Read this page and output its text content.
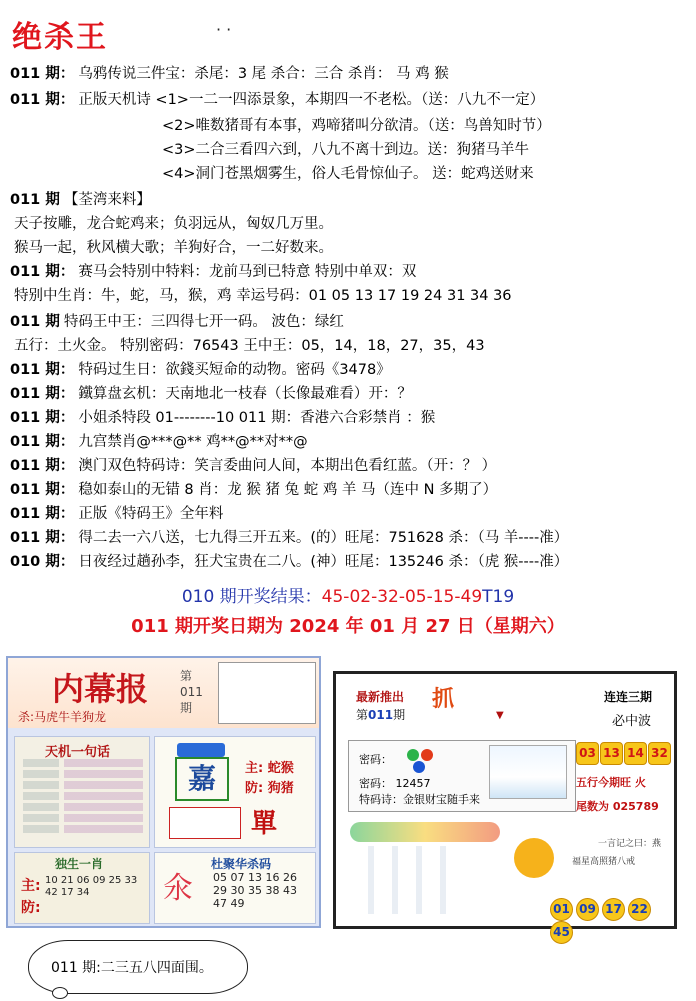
绝杀王	· ·
011 期： 乌鸦传说三件宝：杀尾：3 尾 杀合：三合 杀肖： 马 鸡 猴
011 期： 正版天机诗 <1>一二一四添景象，本期四一不老松。（送：八九不一定）
<2>唯数猪哥有本事，鸡啼猪叫分欲清。（送：鸟兽知时节）
<3>二合三看四六到，八九不离十到边。送：狗猪马羊牛
<4>洞门苍黑烟雾生，俗人毛骨惊仙子。 送：蛇鸡送财来
011 期 【荃湾来料】
天子按雕，龙合蛇鸡来；负羽远从，匈奴几万里。
猴马一起，秋风横大歌；羊狗好合，一二好数来。
011 期： 赛马会特别中特料：龙前马到已特意 特别中单双：双
特别中生肖：牛，蛇，马，猴，鸡 幸运号码：01 05 13 17 19 24 31 34 36
011 期 特码王中王：三四得七开一码。 波色：绿红
五行：土火金。 特别密码：76543 王中王：05，14，18，27，35，43
011 期： 特码过生日：欲錢买短命的动物。密码《3478》
011 期： 鐵算盘玄机：天南地北一枝春（长像最难看）开：？
011 期： 小姐杀特段 01--------10 011 期：香港六合彩禁肖 ：猴
011 期： 九宫禁肖@***@** 鸡**@**对**@
011 期： 澳门双色特码诗：笑言委曲问人间，本期出色看红蓝。（开：？ ）
011 期： 稳如泰山的无错 8 肖：龙 猴 猪 兔 蛇 鸡 羊 马（连中 N 多期了）
011 期： 正版《特码王》全年料
011 期： 得二去一六八送，七九得三开五来。(的）旺尾：751628 杀：（马 羊----准）
010 期： 日夜经过趟孙李，狂犬宝贵在二八。(神）旺尾：135246 杀：（虎 猴----准）
010 期开奖结果：45-02-32-05-15-49T19
011 期开奖日期为 2024 年 01 月 27 日（星期六）
内幕报	第
011
期
杀:马虎牛羊狗龙
天机一句话
嘉	主: 蛇猴
防: 狗猪
單
独生一肖
主:
防:
10 21 06 09 25 33 42 17 34	氽
杜聚华杀码
05 07 13 16 26 29 30 35 38 43 47 49
最新推出
第011期
抓
▼
连连三期
必中波
密码：
密码： 12457
特码诗：金银财宝随手来
03 13 14 32
五行今期旺 火
尾数为 025789
一言记之曰：燕
福星高照猪八戒
01 09 17 2245
011 期:二三五八四面围。
